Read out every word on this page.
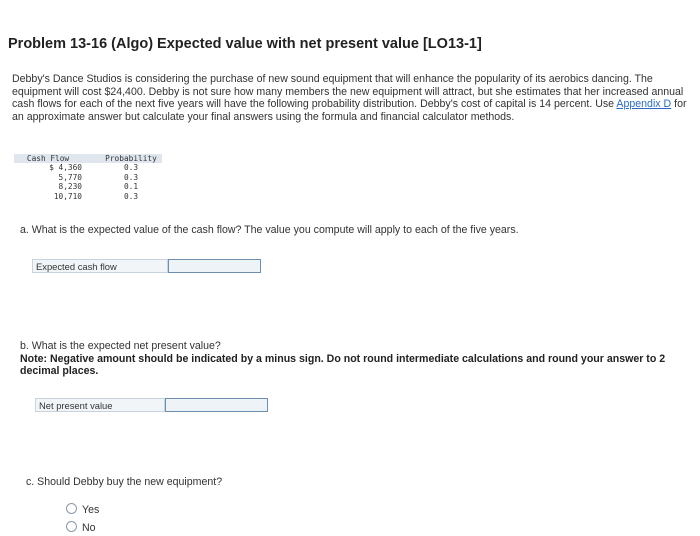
Problem 13-16 (Algo) Expected value with net present value [LO13-1]
Debby's Dance Studios is considering the purchase of new sound equipment that will enhance the popularity of its aerobics dancing. The equipment will cost $24,400. Debby is not sure how many members the new equipment will attract, but she estimates that her increased annual cash flows for each of the next five years will have the following probability distribution. Debby's cost of capital is 14 percent. Use Appendix D for an approximate answer but calculate your final answers using the formula and financial calculator methods.
Cash Flow		Probability
$ 4,360		0.3
5,770		0.3
8,230		0.1
10,710		0.3
a. What is the expected value of the cash flow? The value you compute will apply to each of the five years.
Expected cash flow
b. What is the expected net present value?
Note: Negative amount should be indicated by a minus sign. Do not round intermediate calculations and round your answer to 2 decimal places.
Net present value
c. Should Debby buy the new equipment?
Yes
No
